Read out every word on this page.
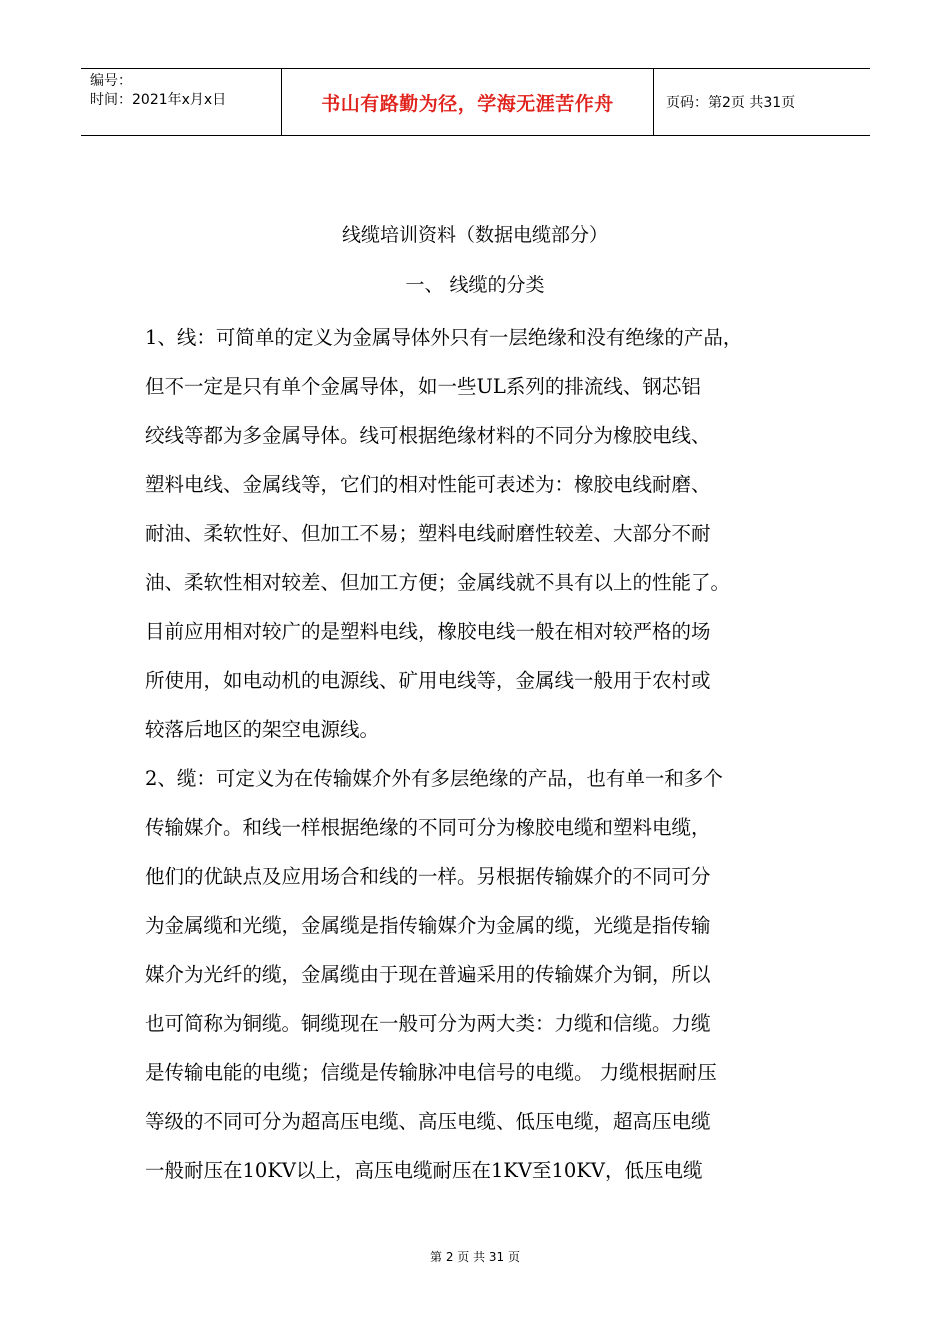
编号：
时间：2021年x月x日	书山有路勤为径，学海无涯苦作舟	页码：第2页 共31页
线缆培训资料（数据电缆部分）
一、 线缆的分类
1、线：可简单的定义为金属导体外只有一层绝缘和没有绝缘的产品，
但不一定是只有单个金属导体，如一些UL系列的排流线、钢芯铝
绞线等都为多金属导体。线可根据绝缘材料的不同分为橡胶电线、
塑料电线、金属线等，它们的相对性能可表述为：橡胶电线耐磨、
耐油、柔软性好、但加工不易；塑料电线耐磨性较差、大部分不耐
油、柔软性相对较差、但加工方便；金属线就不具有以上的性能了。
目前应用相对较广的是塑料电线，橡胶电线一般在相对较严格的场
所使用，如电动机的电源线、矿用电线等，金属线一般用于农村或
较落后地区的架空电源线。
2、缆：可定义为在传输媒介外有多层绝缘的产品，也有单一和多个
传输媒介。和线一样根据绝缘的不同可分为橡胶电缆和塑料电缆，
他们的优缺点及应用场合和线的一样。另根据传输媒介的不同可分
为金属缆和光缆，金属缆是指传输媒介为金属的缆，光缆是指传输
媒介为光纤的缆，金属缆由于现在普遍采用的传输媒介为铜，所以
也可简称为铜缆。铜缆现在一般可分为两大类：力缆和信缆。力缆
是传输电能的电缆；信缆是传输脉冲电信号的电缆。 力缆根据耐压
等级的不同可分为超高压电缆、高压电缆、低压电缆，超高压电缆
一般耐压在10KV以上，高压电缆耐压在1KV至10KV，低压电缆
第 2 页 共 31 页
